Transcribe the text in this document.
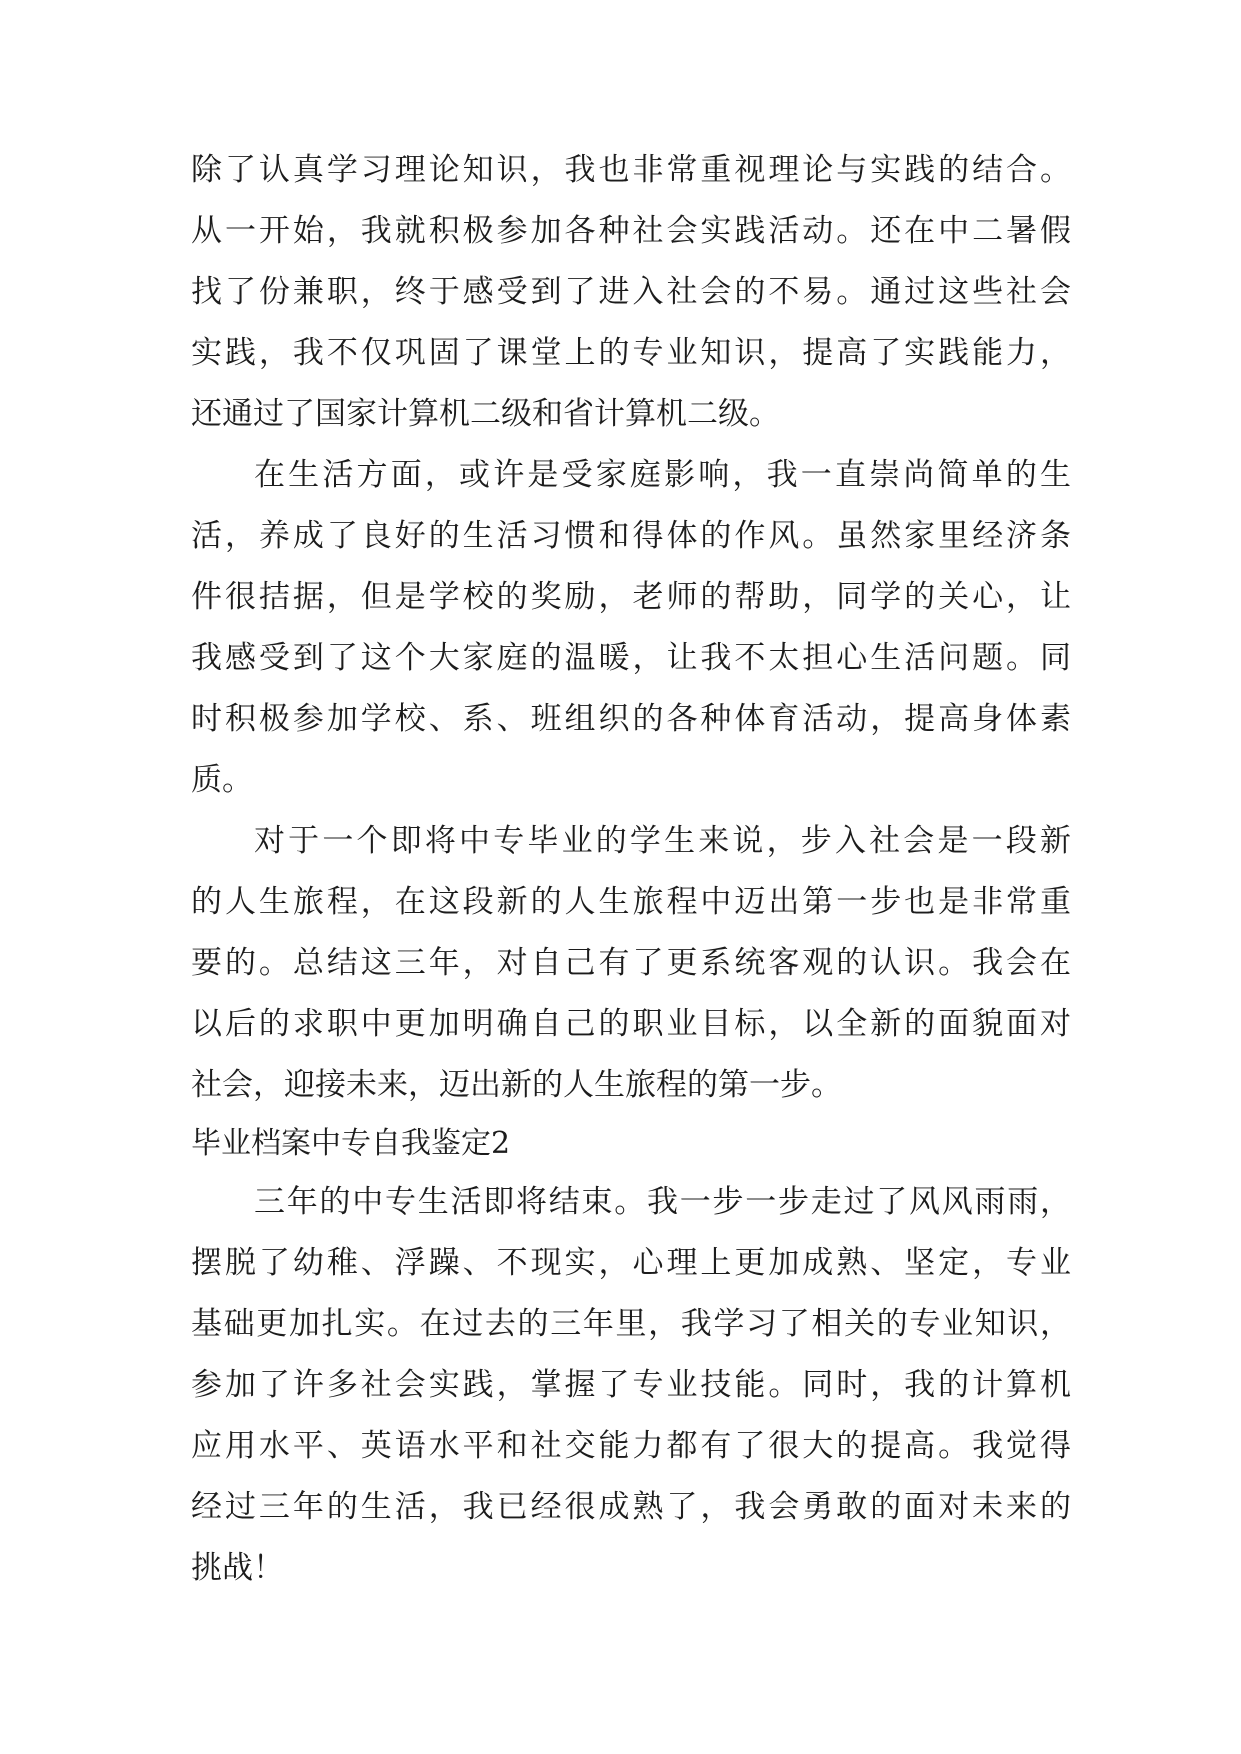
除了认真学习理论知识，我也非常重视理论与实践的结合。
从一开始，我就积极参加各种社会实践活动。还在中二暑假
找了份兼职，终于感受到了进入社会的不易。通过这些社会
实践，我不仅巩固了课堂上的专业知识，提高了实践能力，
还通过了国家计算机二级和省计算机二级。
在生活方面，或许是受家庭影响，我一直崇尚简单的生
活，养成了良好的生活习惯和得体的作风。虽然家里经济条
件很拮据，但是学校的奖励，老师的帮助，同学的关心，让
我感受到了这个大家庭的温暖，让我不太担心生活问题。同
时积极参加学校、系、班组织的各种体育活动，提高身体素
质。
对于一个即将中专毕业的学生来说，步入社会是一段新
的人生旅程，在这段新的人生旅程中迈出第一步也是非常重
要的。总结这三年，对自己有了更系统客观的认识。我会在
以后的求职中更加明确自己的职业目标，以全新的面貌面对
社会，迎接未来，迈出新的人生旅程的第一步。
毕业档案中专自我鉴定2
三年的中专生活即将结束。我一步一步走过了风风雨雨，
摆脱了幼稚、浮躁、不现实，心理上更加成熟、坚定，专业
基础更加扎实。在过去的三年里，我学习了相关的专业知识，
参加了许多社会实践，掌握了专业技能。同时，我的计算机
应用水平、英语水平和社交能力都有了很大的提高。我觉得
经过三年的生活，我已经很成熟了，我会勇敢的面对未来的
挑战！
